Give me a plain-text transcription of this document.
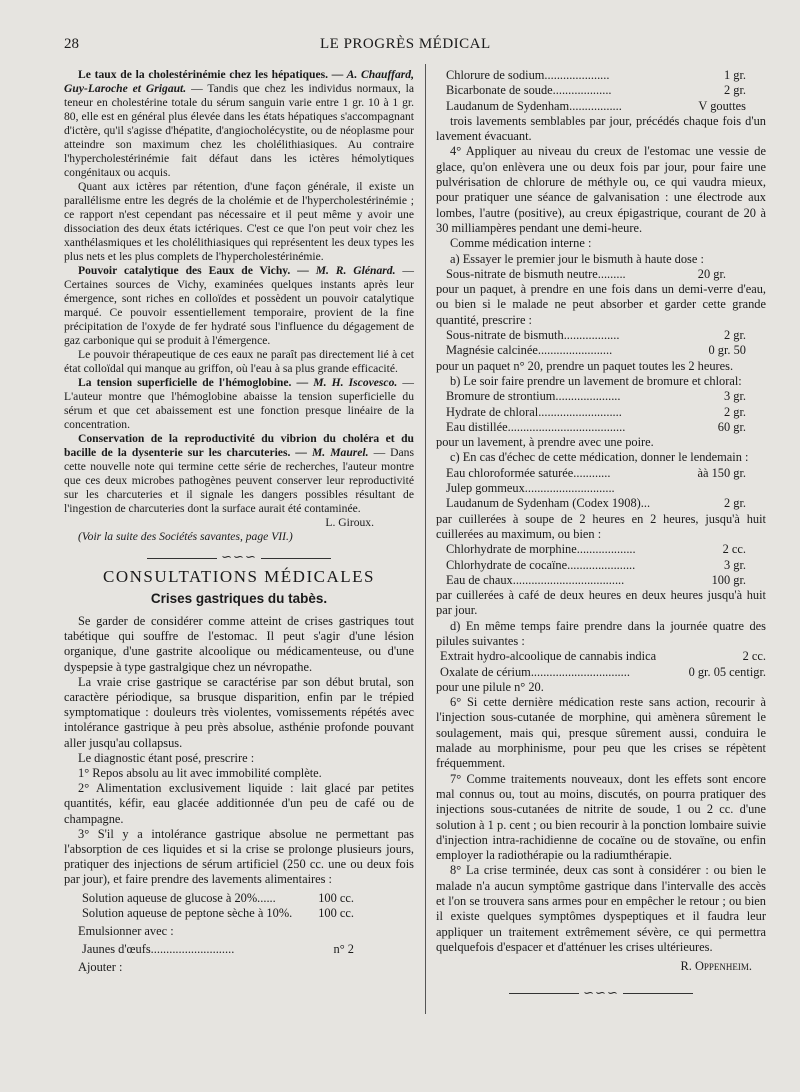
28	LE PROGRÈS MÉDICAL

Le taux de la cholestérinémie chez les hépatiques. — A. Chauffard, Guy-Laroche et Grigaut. — Tandis que chez les individus normaux, la teneur en cholestérine totale du sérum sanguin varie entre 1 gr. 10 à 1 gr. 80, elle est en général plus élevée dans les états hépatiques s'accompagnant d'ictère, qu'il s'agisse d'hépatite, d'angiocholécystite, ou de néoplasme pour atteindre son maximum chez les cholélithiasiques. Au contraire l'hypercholestérinémie fait défaut dans les ictères hémolytiques congénitaux ou acquis.

Quant aux ictères par rétention, d'une façon générale, il existe un parallélisme entre les degrés de la cholémie et de l'hypercholestérinémie ; ce rapport n'est cependant pas nécessaire et il peut même y avoir une dissociation des deux états ictériques. C'est ce que l'on peut voir chez les xanthélasmiques et les cholélithiasiques qui représentent les deux types les plus nets et les plus complets de l'hypercholestérinémie.

Pouvoir catalytique des Eaux de Vichy. — M. R. Glénard. — Certaines sources de Vichy, examinées quelques instants après leur émergence, sont riches en colloïdes et possèdent un pouvoir catalytique marqué. Ce pouvoir essentiellement temporaire, provient de la fine précipitation de l'oxyde de fer hydraté sous l'influence du dégagement de gaz carbonique qui se produit à l'émergence.

Le pouvoir thérapeutique de ces eaux ne paraît pas directement lié à cet état colloïdal qui manque au griffon, où l'eau à sa plus grande efficacité.

La tension superficielle de l'hémoglobine. — M. H. Iscovesco. — L'auteur montre que l'hémoglobine abaisse la tension superficielle du sérum et que cet abaissement est une fonction presque linéaire de la concentration.

Conservation de la reproductivité du vibrion du choléra et du bacille de la dysenterie sur les charcuteries. — M. Maurel. — Dans cette nouvelle note qui termine cette série de recherches, l'auteur montre que ces deux microbes pathogènes peuvent conserver leur reproductivité sur les charcuteries et il signale les dangers possibles résultant de l'ingestion de charcuteries dont la surface aurait été contaminée.

L. Giroux.

(Voir la suite des Sociétés savantes, page VII.)

∽∽∽
CONSULTATIONS MÉDICALES
Crises gastriques du tabès.

Se garder de considérer comme atteint de crises gastriques tout tabétique qui souffre de l'estomac. Il peut s'agir d'une lésion organique, d'une gastrite alcoolique ou médicamenteuse, ou d'une dyspepsie à type gastralgique chez un névropathe.

La vraie crise gastrique se caractérise par son début brutal, son caractère périodique, sa brusque disparition, enfin par le trépied symptomatique : douleurs très violentes, vomissements répétés avec intolérance gastrique à peu près absolue, asthénie profonde pouvant aller jusqu'au collapsus.

Le diagnostic étant posé, prescrire :

1° Repos absolu au lit avec immobilité complète.

2° Alimentation exclusivement liquide : lait glacé par petites quantités, kéfir, eau glacée additionnée d'un peu de café ou de champagne.

3° S'il y a intolérance gastrique absolue ne permettant pas l'absorption de ces liquides et si la crise se prolonge plusieurs jours, pratiquer des injections de sérum artificiel (250 cc. une ou deux fois par jour), et faire prendre des lavements alimentaires :

Solution aqueuse de glucose à 20%......	100 cc.
Solution aqueuse de peptone sèche à 10%.	100 cc.

Emulsionner avec :

Jaunes d'œufs...........................	n° 2

Ajouter :

Chlorure de sodium.....................	1 gr.
Bicarbonate de soude...................	2 gr.
Laudanum de Sydenham.................	V gouttes

trois lavements semblables par jour, précédés chaque fois d'un lavement évacuant.

4° Appliquer au niveau du creux de l'estomac une vessie de glace, qu'on enlèvera une ou deux fois par jour, pour faire une pulvérisation de chlorure de méthyle ou, ce qui vaudra mieux, pour pratiquer une séance de galvanisation : une électrode aux lombes, l'autre (positive), au creux épigastrique, courant de 20 à 30 milliampères pendant une demi-heure.

Comme médication interne :

a) Essayer le premier jour le bismuth à haute dose :

Sous-nitrate de bismuth neutre.........	20 gr.

pour un paquet, à prendre en une fois dans un demi-verre d'eau, ou bien si le malade ne peut absorber et garder cette grande quantité, prescrire :

Sous-nitrate de bismuth..................	2 gr.
Magnésie calcinée........................	0 gr. 50

pour un paquet n° 20, prendre un paquet toutes les 2 heures.

b) Le soir faire prendre un lavement de bromure et chloral:

Bromure de strontium.....................	3 gr.
Hydrate de chloral...........................	2 gr.
Eau distillée......................................	60 gr.

pour un lavement, à prendre avec une poire.

c) En cas d'échec de cette médication, donner le lendemain :

Eau chloroformée saturée............	àà 150 gr.
Julep gommeux.............................
Laudanum de Sydenham (Codex 1908)...	2 gr.

par cuillerées à soupe de 2 heures en 2 heures, jusqu'à huit cuillerées au maximum, ou bien :

Chlorhydrate de morphine...................	2 cc.
Chlorhydrate de cocaïne......................	3 gr.
Eau de chaux....................................	100 gr.

par cuillerées à café de deux heures en deux heures jusqu'à huit par jour.

d) En même temps faire prendre dans la journée quatre des pilules suivantes :

Extrait hydro-alcoolique de cannabis indica	2 cc.
Oxalate de cérium................................	0 gr. 05 centigr.

pour une pilule n° 20.

6° Si cette dernière médication reste sans action, recourir à l'injection sous-cutanée de morphine, qui amènera sûrement le soulagement, mais qui, presque sûrement aussi, conduira le malade au morphinisme, pour peu que les crises se répètent fréquemment.

7° Comme traitements nouveaux, dont les effets sont encore mal connus ou, tout au moins, discutés, on pourra pratiquer des injections sous-cutanées de nitrite de soude, 1 ou 2 cc. d'une solution à 1 p. cent ; ou bien recourir à la ponction lombaire suivie d'injection intra-rachidienne de cocaïne ou de stovaïne, ou enfin employer la radiothérapie ou la radiumthérapie.

8° La crise terminée, deux cas sont à considérer : ou bien le malade n'a aucun symptôme gastrique dans l'intervalle des accès et l'on se trouvera sans armes pour en empêcher le retour ; ou bien il existe quelques symptômes dyspeptiques et il faudra leur appliquer un traitement extrêmement sévère, ce qui permettra quelquefois d'espacer et d'atténuer les crises ultérieures.

R. Oppenheim.

∽∽∽
